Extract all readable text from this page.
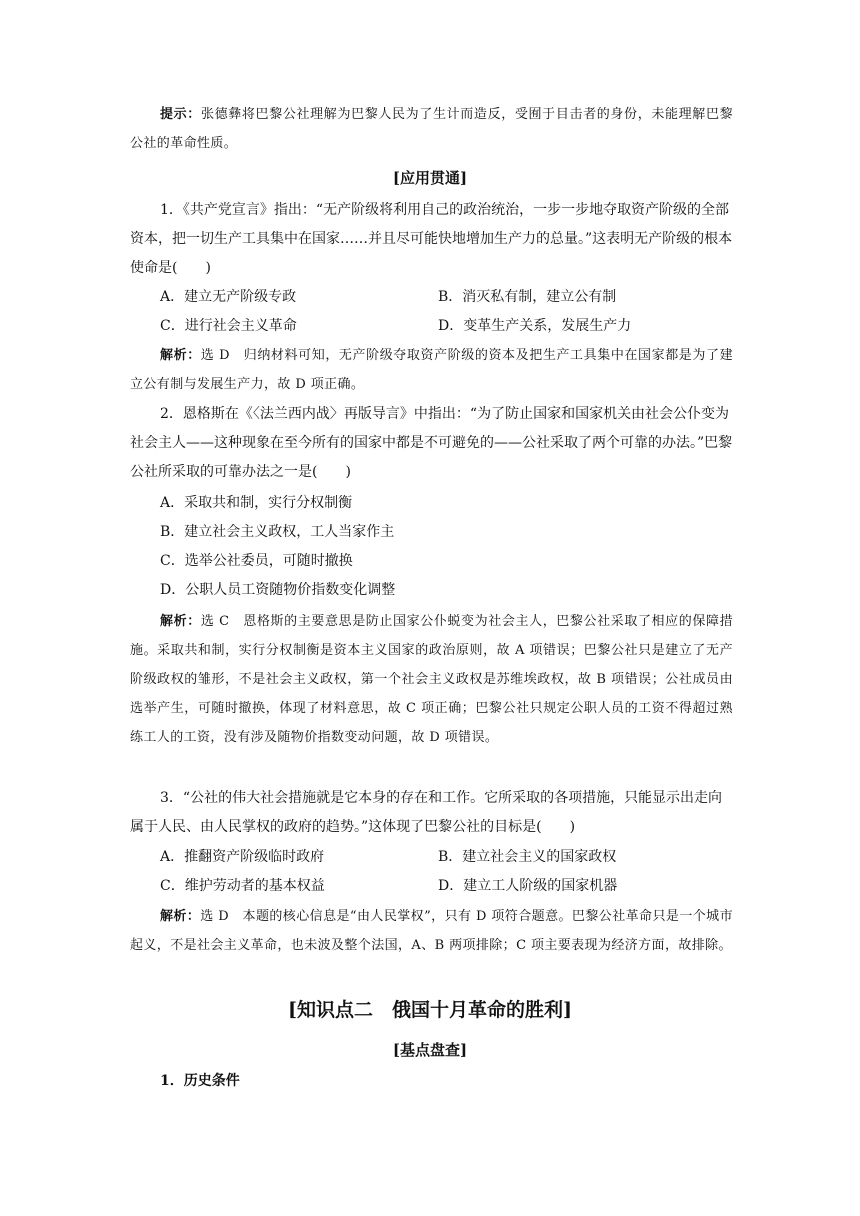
提示：张德彝将巴黎公社理解为巴黎人民为了生计而造反，受囿于目击者的身份，未能理解巴黎公社的革命性质。

[应用贯通]

1．《共产党宣言》指出：“无产阶级将利用自己的政治统治，一步一步地夺取资产阶级的全部资本，把一切生产工具集中在国家……并且尽可能快地增加生产力的总量。”这表明无产阶级的根本使命是(　　)

A．建立无产阶级专政	B．消灭私有制，建立公有制
C．进行社会主义革命	D．变革生产关系，发展生产力

解析：选 D　归纳材料可知，无产阶级夺取资产阶级的资本及把生产工具集中在国家都是为了建立公有制与发展生产力，故 D 项正确。

2．恩格斯在《〈法兰西内战〉再版导言》中指出：“为了防止国家和国家机关由社会公仆变为社会主人——这种现象在至今所有的国家中都是不可避免的——公社采取了两个可靠的办法。”巴黎公社所采取的可靠办法之一是(　　)

A．采取共和制，实行分权制衡
B．建立社会主义政权，工人当家作主
C．选举公社委员，可随时撤换
D．公职人员工资随物价指数变化调整

解析：选 C　恩格斯的主要意思是防止国家公仆蜕变为社会主人，巴黎公社采取了相应的保障措施。采取共和制，实行分权制衡是资本主义国家的政治原则，故 A 项错误；巴黎公社只是建立了无产阶级政权的雏形，不是社会主义政权，第一个社会主义政权是苏维埃政权，故 B 项错误；公社成员由选举产生，可随时撤换，体现了材料意思，故 C 项正确；巴黎公社只规定公职人员的工资不得超过熟练工人的工资，没有涉及随物价指数变动问题，故 D 项错误。

3．“公社的伟大社会措施就是它本身的存在和工作。它所采取的各项措施，只能显示出走向属于人民、由人民掌权的政府的趋势。”这体现了巴黎公社的目标是(　　)

A．推翻资产阶级临时政府	B．建立社会主义的国家政权
C．维护劳动者的基本权益	D．建立工人阶级的国家机器

解析：选 D　本题的核心信息是“由人民掌权”，只有 D 项符合题意。巴黎公社革命只是一个城市起义，不是社会主义革命，也未波及整个法国，A、B 两项排除；C 项主要表现为经济方面，故排除。

[知识点二　俄国十月革命的胜利]
[基点盘查]

1．历史条件
